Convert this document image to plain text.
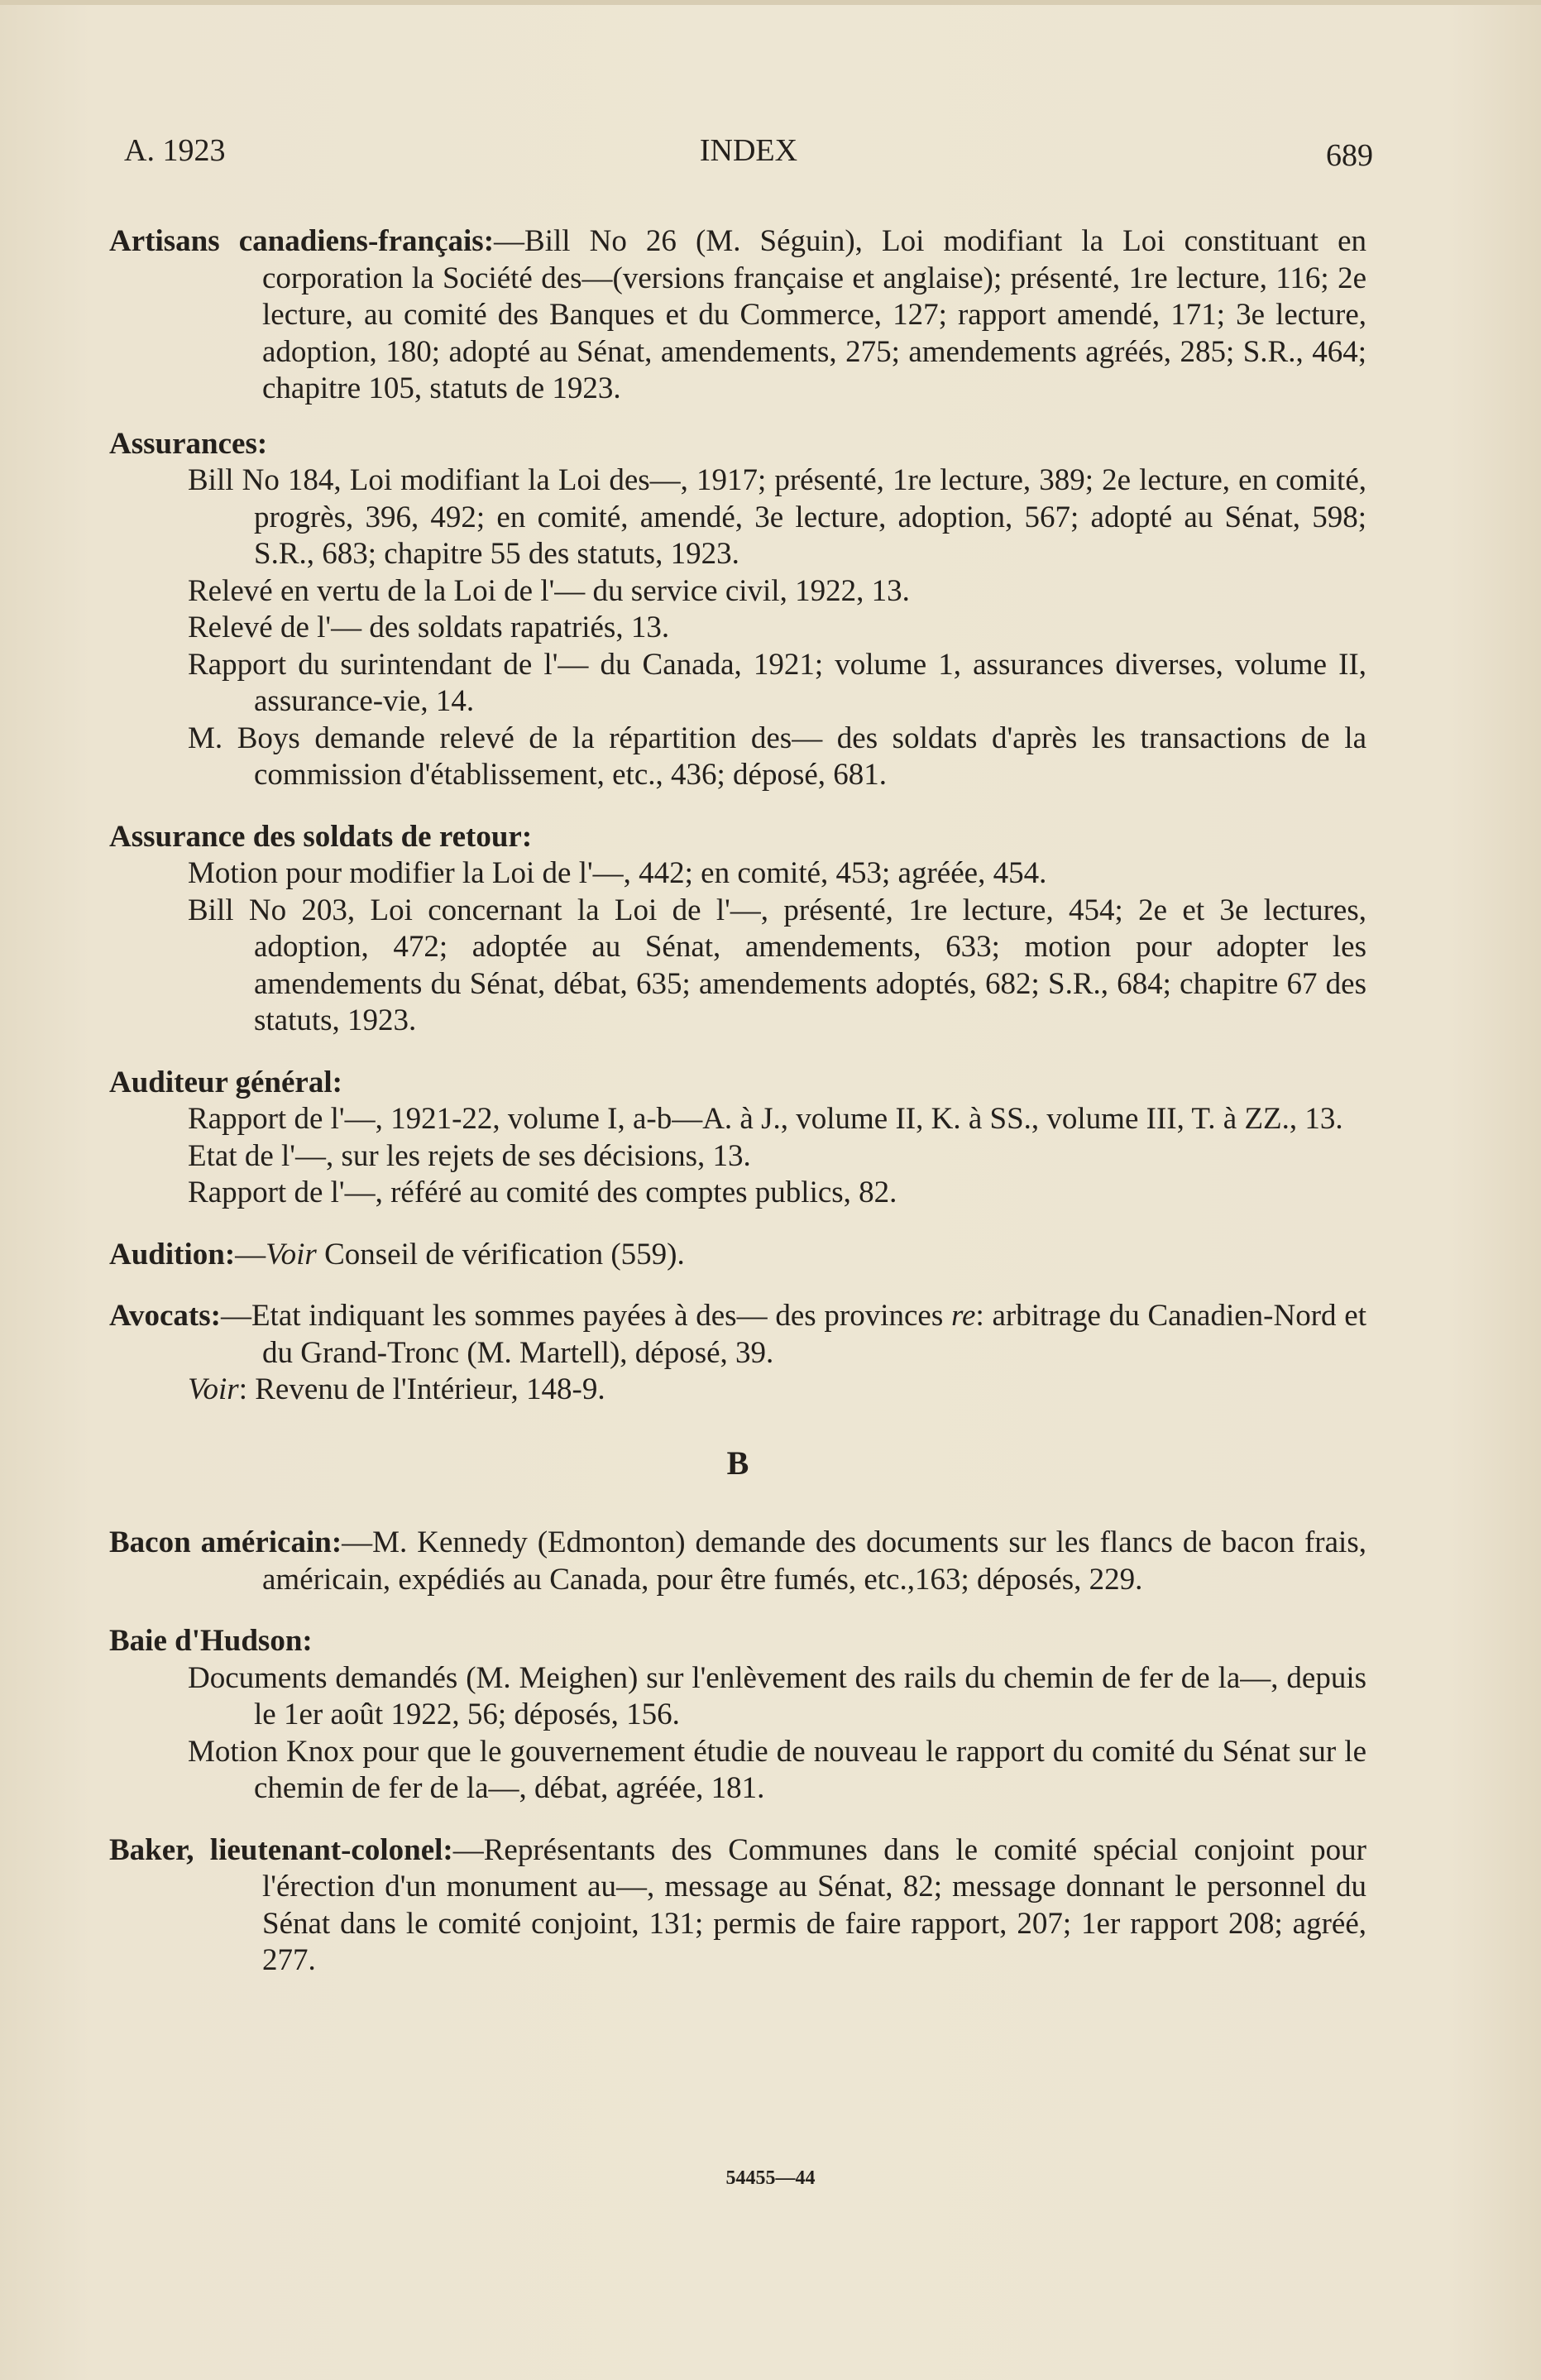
A. 1923	INDEX	689
Artisans canadiens-français:—Bill No 26 (M. Séguin), Loi modifiant la Loi constituant en corporation la Société des—(versions française et anglaise); présenté, 1re lecture, 116; 2e lecture, au comité des Banques et du Commerce, 127; rapport amendé, 171; 3e lecture, adoption, 180; adopté au Sénat, amendements, 275; amendements agréés, 285; S.R., 464; chapitre 105, statuts de 1923.
Assurances:
Bill No 184, Loi modifiant la Loi des—, 1917; présenté, 1re lecture, 389; 2e lecture, en comité, progrès, 396, 492; en comité, amendé, 3e lecture, adoption, 567; adopté au Sénat, 598; S.R., 683; chapitre 55 des statuts, 1923.
Relevé en vertu de la Loi de l'— du service civil, 1922, 13.
Relevé de l'— des soldats rapatriés, 13.
Rapport du surintendant de l'— du Canada, 1921; volume 1, assurances diverses, volume II, assurance-vie, 14.
M. Boys demande relevé de la répartition des— des soldats d'après les transactions de la commission d'établissement, etc., 436; déposé, 681.
Assurance des soldats de retour:
Motion pour modifier la Loi de l'—, 442; en comité, 453; agréée, 454.
Bill No 203, Loi concernant la Loi de l'—, présenté, 1re lecture, 454; 2e et 3e lectures, adoption, 472; adoptée au Sénat, amendements, 633; motion pour adopter les amendements du Sénat, débat, 635; amendements adoptés, 682; S.R., 684; chapitre 67 des statuts, 1923.
Auditeur général:
Rapport de l'—, 1921-22, volume I, a-b—A. à J., volume II, K. à SS., volume III, T. à ZZ., 13.
Etat de l'—, sur les rejets de ses décisions, 13.
Rapport de l'—, référé au comité des comptes publics, 82.
Audition:—Voir Conseil de vérification (559).
Avocats:—Etat indiquant les sommes payées à des— des provinces re: arbitrage du Canadien-Nord et du Grand-Tronc (M. Martell), déposé, 39.
Voir: Revenu de l'Intérieur, 148-9.
B
Bacon américain:—M. Kennedy (Edmonton) demande des documents sur les flancs de bacon frais, américain, expédiés au Canada, pour être fumés, etc.,163; déposés, 229.
Baie d'Hudson:
Documents demandés (M. Meighen) sur l'enlèvement des rails du chemin de fer de la—, depuis le 1er août 1922, 56; déposés, 156.
Motion Knox pour que le gouvernement étudie de nouveau le rapport du comité du Sénat sur le chemin de fer de la—, débat, agréée, 181.
Baker, lieutenant-colonel:—Représentants des Communes dans le comité spécial conjoint pour l'érection d'un monument au—, message au Sénat, 82; message donnant le personnel du Sénat dans le comité conjoint, 131; permis de faire rapport, 207; 1er rapport 208; agréé, 277.
54455—44
